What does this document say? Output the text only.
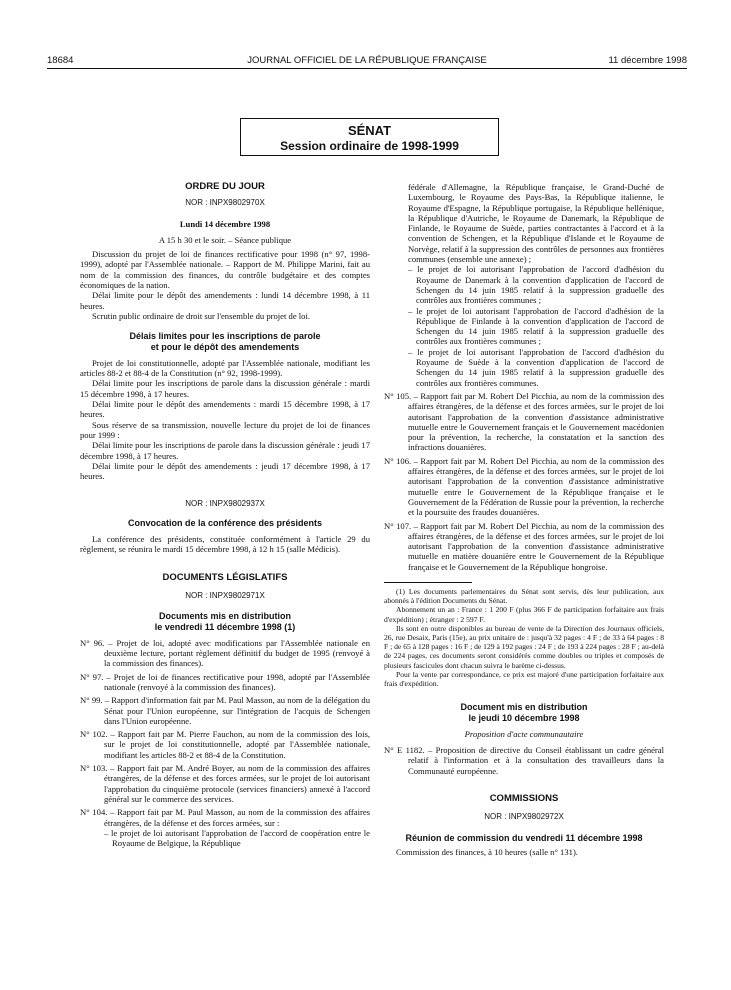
18684	JOURNAL OFFICIEL DE LA RÉPUBLIQUE FRANÇAISE	11 décembre 1998
SÉNAT
Session ordinaire de 1998-1999

ORDRE DU JOUR

NOR : INPX9802970X

Lundi 14 décembre 1998

A 15 h 30 et le soir. – Séance publique

Discussion du projet de loi de finances rectificative pour 1998 (n° 97, 1998-1999), adopté par l'Assemblée nationale. – Rapport de M. Philippe Marini, fait au nom de la commission des finances, du contrôle budgétaire et des comptes économiques de la nation.

Délai limite pour le dépôt des amendements : lundi 14 décembre 1998, à 11 heures.

Scrutin public ordinaire de droit sur l'ensemble du projet de loi.

Délais limites pour les inscriptions de parole

et pour le dépôt des amendements

Projet de loi constitutionnelle, adopté par l'Assemblée nationale, modifiant les articles 88-2 et 88-4 de la Constitution (n° 92, 1998-1999).

Délai limite pour les inscriptions de parole dans la discussion générale : mardi 15 décembre 1998, à 17 heures.

Délai limite pour le dépôt des amendements : mardi 15 décembre 1998, à 17 heures.

Sous réserve de sa transmission, nouvelle lecture du projet de loi de finances pour 1999 :

Délai limite pour les inscriptions de parole dans la discussion générale : jeudi 17 décembre 1998, à 17 heures.

Délai limite pour le dépôt des amendements : jeudi 17 décembre 1998, à 17 heures.

NOR : INPX9802937X

Convocation de la conférence des présidents

La conférence des présidents, constituée conformément à l'article 29 du règlement, se réunira le mardi 15 décembre 1998, à 12 h 15 (salle Médicis).

DOCUMENTS LÉGISLATIFS

NOR : INPX9802971X

Documents mis en distribution

le vendredi 11 décembre 1998 (1)

N° 96. – Projet de loi, adopté avec modifications par l'Assemblée nationale en deuxième lecture, portant règlement définitif du budget de 1995 (renvoyé à la commission des finances).

N° 97. – Projet de loi de finances rectificative pour 1998, adopté par l'Assemblée nationale (renvoyé à la commission des finances).

N° 99. – Rapport d'information fait par M. Paul Masson, au nom de la délégation du Sénat pour l'Union européenne, sur l'intégration de l'acquis de Schengen dans l'Union européenne.

N° 102. – Rapport fait par M. Pierre Fauchon, au nom de la commission des lois, sur le projet de loi constitutionnelle, adopté par l'Assemblée nationale, modifiant les articles 88-2 et 88-4 de la Constitution.

N° 103. – Rapport fait par M. André Boyer, au nom de la commission des affaires étrangères, de la défense et des forces armées, sur le projet de loi autorisant l'approbation du cinquième protocole (services financiers) annexé à l'accord général sur le commerce des services.

N° 104. – Rapport fait par M. Paul Masson, au nom de la commission des affaires étrangères, de la défense et des forces armées, sur :

– le projet de loi autorisant l'approbation de l'accord de coopération entre le Royaume de Belgique, la République

fédérale d'Allemagne, la République française, le Grand-Duché de Luxembourg, le Royaume des Pays-Bas, la République italienne, le Royaume d'Espagne, la République portugaise, la République hellénique, la République d'Autriche, le Royaume de Danemark, la République de Finlande, le Royaume de Suède, parties contractantes à l'accord et à la convention de Schengen, et la République d'Islande et le Royaume de Norvège, relatif à la suppression des contrôles de personnes aux frontières communes (ensemble une annexe) ;

– le projet de loi autorisant l'approbation de l'accord d'adhésion du Royaume de Danemark à la convention d'application de l'accord de Schengen du 14 juin 1985 relatif à la suppression graduelle des contrôles aux frontières communes ;

– le projet de loi autorisant l'approbation de l'accord d'adhésion de la République de Finlande à la convention d'application de l'accord de Schengen du 14 juin 1985 relatif à la suppression graduelle des contrôles aux frontières communes ;

– le projet de loi autorisant l'approbation de l'accord d'adhésion du Royaume de Suède à la convention d'application de l'accord de Schengen du 14 juin 1985 relatif à la suppression graduelle des contrôles aux frontières communes.

N° 105. – Rapport fait par M. Robert Del Picchia, au nom de la commission des affaires étrangères, de la défense et des forces armées, sur le projet de loi autorisant l'approbation de la convention d'assistance administrative mutuelle entre le Gouvernement français et le Gouvernement macédonien pour la prévention, la recherche, la constatation et la sanction des infractions douanières.

N° 106. – Rapport fait par M. Robert Del Picchia, au nom de la commission des affaires étrangères, de la défense et des forces armées, sur le projet de loi autorisant l'approbation de la convention d'assistance administrative mutuelle entre le Gouvernement de la République française et le Gouvernement de la Fédération de Russie pour la prévention, la recherche et la poursuite des fraudes douanières.

N° 107. – Rapport fait par M. Robert Del Picchia, au nom de la commission des affaires étrangères, de la défense et des forces armées, sur le projet de loi autorisant l'approbation de la convention d'assistance administrative mutuelle en matière douanière entre le Gouvernement de la République française et le Gouvernement de la République hongroise.

(1) Les documents parlementaires du Sénat sont servis, dès leur publication, aux abonnés à l'édition Documents du Sénat.

Abonnement un an : France : 1 200 F (plus 366 F de participation forfaitaire aux frais d'expédition) ; étranger : 2 597 F.

Ils sont en outre disponibles au bureau de vente de la Direction des Journaux officiels, 26, rue Desaix, Paris (15e), au prix unitaire de : jusqu'à 32 pages : 4 F ; de 33 à 64 pages : 8 F ; de 65 à 128 pages : 16 F ; de 129 à 192 pages : 24 F ; de 193 à 224 pages : 28 F ; au-delà de 224 pages, ces documents seront considérés comme doubles ou triples et composés de plusieurs fascicules dont chacun suivra le barème ci-dessus.

Pour la vente par correspondance, ce prix est majoré d'une participation forfaitaire aux frais d'expédition.

Document mis en distribution

le jeudi 10 décembre 1998

Proposition d'acte communautaire

N° E 1182. – Proposition de directive du Conseil établissant un cadre général relatif à l'information et à la consultation des travailleurs dans la Communauté européenne.

COMMISSIONS

NOR : INPX9802972X

Réunion de commission du vendredi 11 décembre 1998

Commission des finances, à 10 heures (salle n° 131).
